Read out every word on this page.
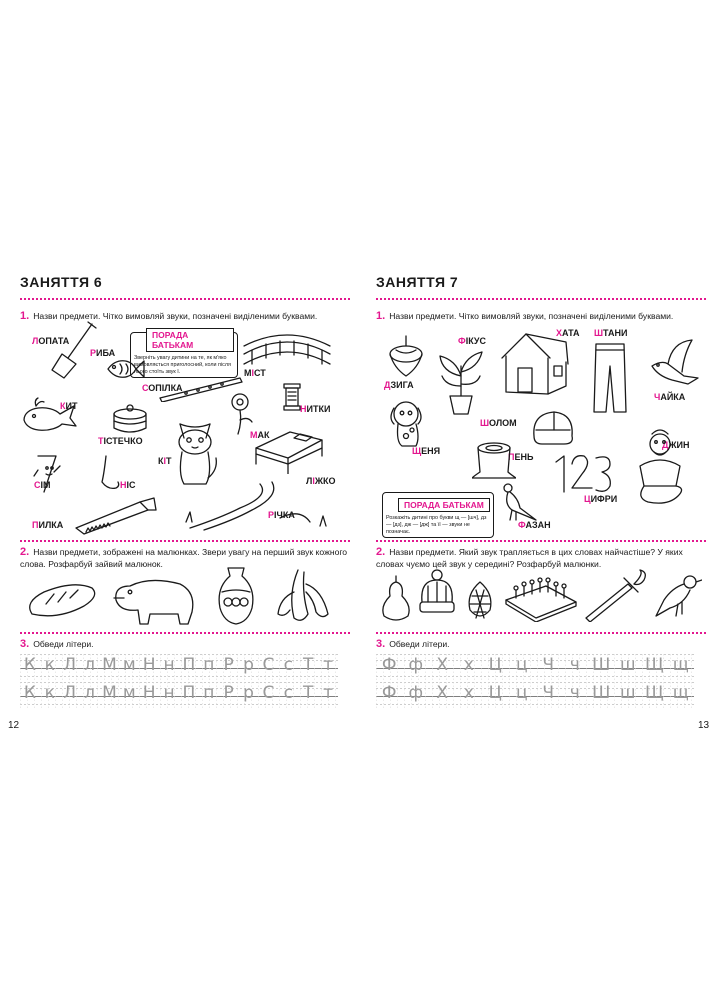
ЗАНЯТТЯ 6
1. Назви предмети. Чітко вимовляй звуки, позначені виділеними буквами.
ЛОПАТА
РИБА
СОПІЛКА
МІСТ
КИТ	НИТКИ
ТІСТЕЧКО
МАК
КІТ
СІМ	НІС	ЛІЖКО
ПИЛКА
РІЧКА
ПОРАДА БАТЬКАМ
Зверніть увагу дитини на те, як м'яко вимовляється приголосний, коли після нього стоїть звук І.
2. Назви предмети, зображені на малюнках. Звери увагу на перший звук кожного слова. Розфарбуй зайвий малюнок.
3. Обведи літери.
К к Л л М м Н н П п Р р С с Т т
К к Л л М м Н н П п Р р С с Т т
12
ЗАНЯТТЯ 7
1. Назви предмети. Чітко вимовляй звуки, позначені виділеними буквами.
ФІКУС
ХАТА ШТАНИ
ДЗИГА
ЧАЙКА
ШОЛОМ
ЩЕНЯ
ПЕНЬ
ДЖИН
ЦИФРИ
ФАЗАН
ПОРАДА БАТЬКАМ
Розкажіть дитині про букви щ — [шч], дз — [дз], дж — [дж] та її — звуки не позначає.
2. Назви предмети. Який звук трапляється в цих словах найчастіше? У яких словах чуємо цей звук у середині? Розфарбуй малюнки.
3. Обведи літери.
Ф ф Х х Ц ц Ч ч Ш ш Щ щ
Ф ф Х х Ц ц Ч ч Ш ш Щ щ
13
